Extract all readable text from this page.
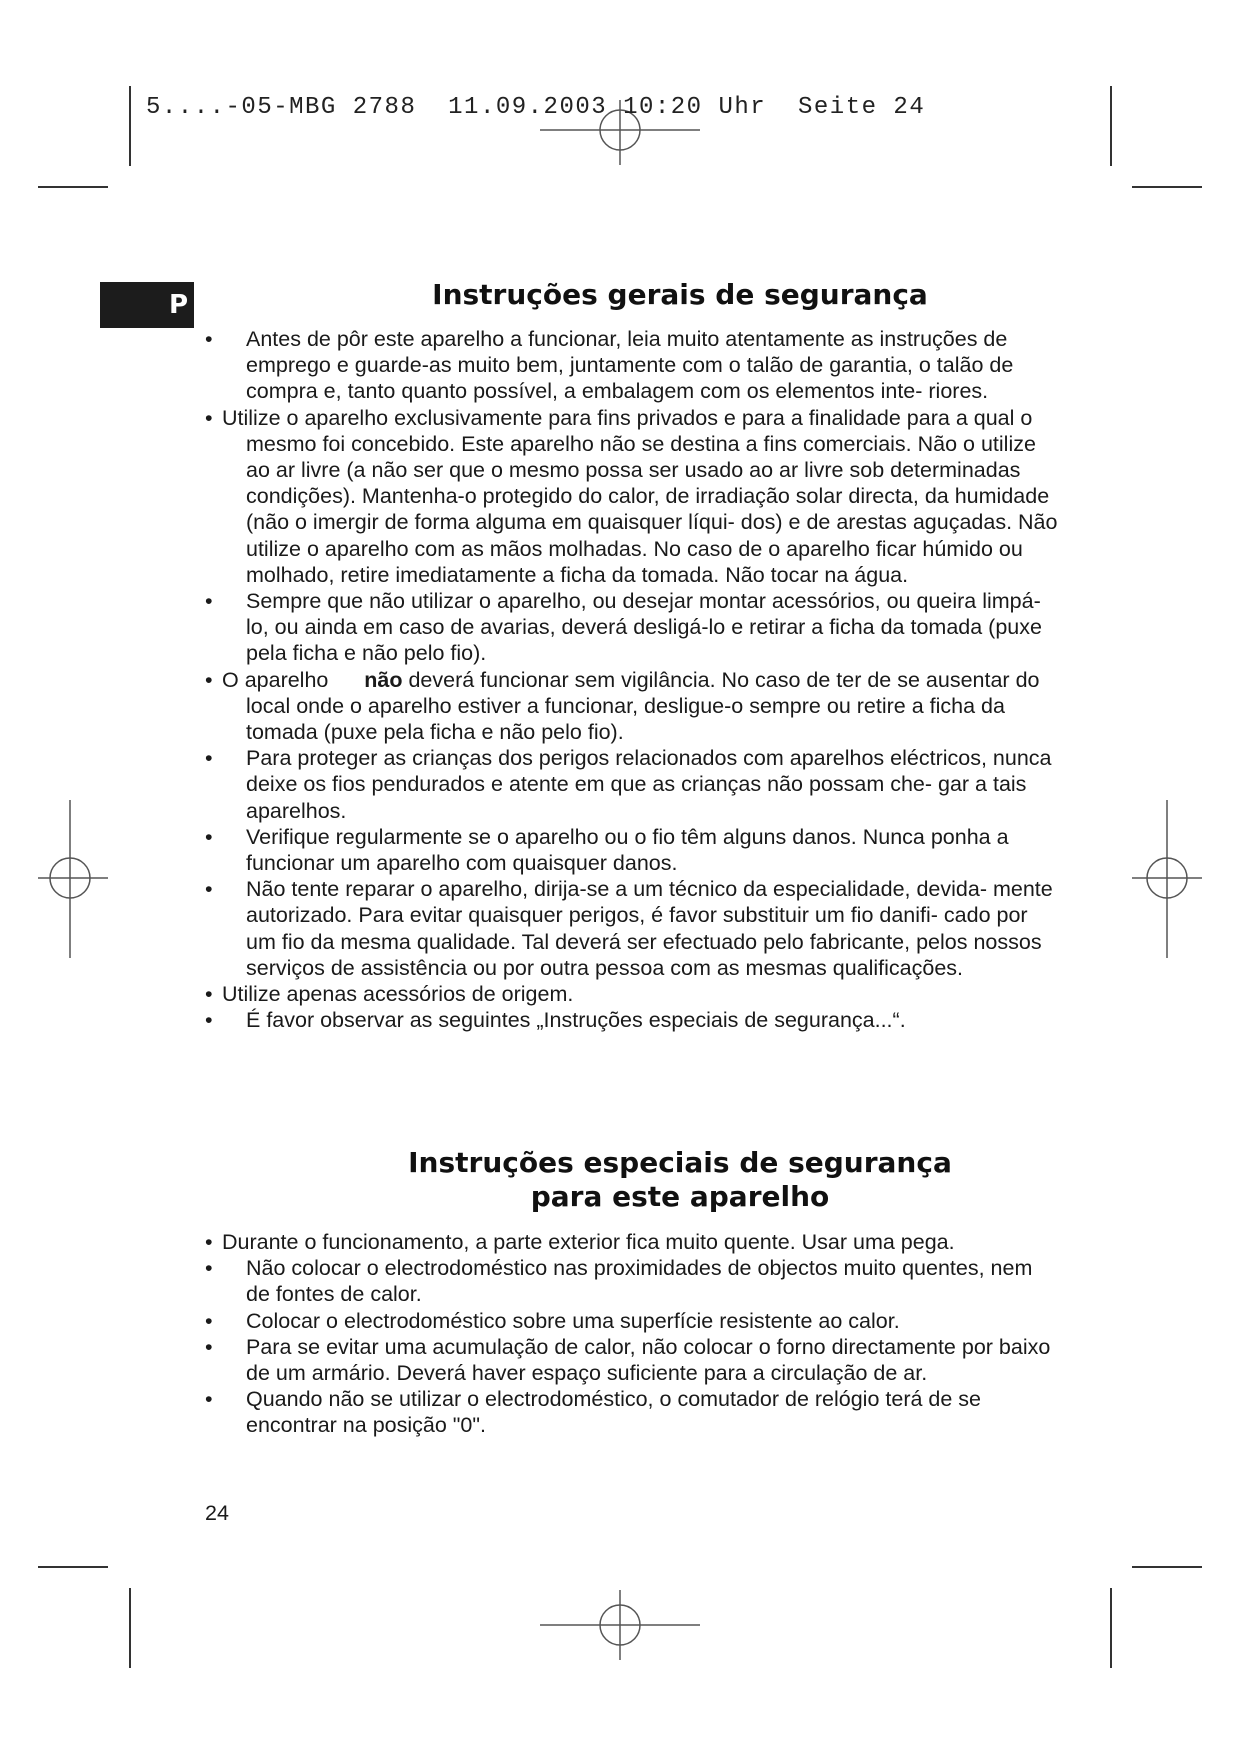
5....-05-MBG 2788  11.09.2003 10:20 Uhr  Seite 24
P	Instruções gerais de segurança
• Antes de pôr este aparelho a funcionar, leia muito atentamente as instruções de emprego e guarde-as muito bem, juntamente com o talão de garantia, o talão de compra e, tanto quanto possível, a embalagem com os elementos inte- riores.
• Utilize o aparelho exclusivamente para fins privados e para a finalidade para a qual o mesmo foi concebido. Este aparelho não se destina a fins comerciais. Não o utilize ao ar livre (a não ser que o mesmo possa ser usado ao ar livre sob determinadas condições). Mantenha-o protegido do calor, de irradiação solar directa, da humidade (não o imergir de forma alguma em quaisquer líqui- dos) e de arestas aguçadas. Não utilize o aparelho com as mãos molhadas. No caso de o aparelho ficar húmido ou molhado, retire imediatamente a ficha da tomada. Não tocar na água.
• Sempre que não utilizar o aparelho, ou desejar montar acessórios, ou queira limpá-lo, ou ainda em caso de avarias, deverá desligá-lo e retirar a ficha da tomada (puxe pela ficha e não pelo fio).
• O aparelho não deverá funcionar sem vigilância. No caso de ter de se ausentar do local onde o aparelho estiver a funcionar, desligue-o sempre ou retire a ficha da tomada (puxe pela ficha e não pelo fio).
• Para proteger as crianças dos perigos relacionados com aparelhos eléctricos, nunca deixe os fios pendurados e atente em que as crianças não possam che- gar a tais aparelhos.
• Verifique regularmente se o aparelho ou o fio têm alguns danos. Nunca ponha a funcionar um aparelho com quaisquer danos.
• Não tente reparar o aparelho, dirija-se a um técnico da especialidade, devida- mente autorizado. Para evitar quaisquer perigos, é favor substituir um fio danifi- cado por um fio da mesma qualidade. Tal deverá ser efectuado pelo fabricante, pelos nossos serviços de assistência ou por outra pessoa com as mesmas qualificações.
• Utilize apenas acessórios de origem.
• É favor observar as seguintes „Instruções especiais de segurança...“.
Instruções especiais de segurança
para este aparelho
• Durante o funcionamento, a parte exterior fica muito quente. Usar uma pega.
• Não colocar o electrodoméstico nas proximidades de objectos muito quentes, nem de fontes de calor.
• Colocar o electrodoméstico sobre uma superfície resistente ao calor.
• Para se evitar uma acumulação de calor, não colocar o forno directamente por baixo de um armário. Deverá haver espaço suficiente para a circulação de ar.
• Quando não se utilizar o electrodoméstico, o comutador de relógio terá de se encontrar na posição "0".
24
